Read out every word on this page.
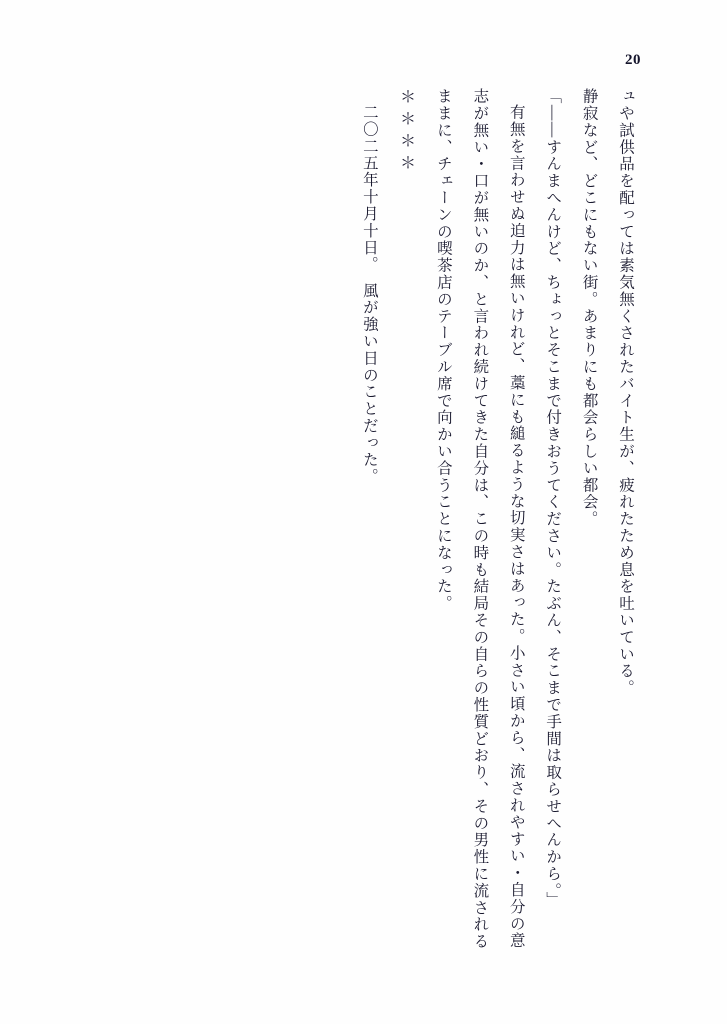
20

ュや試供品を配っては素気無くされたバイト生が、疲れたため息を吐いている。

静寂など、どこにもない街。あまりにも都会らしい都会。

「――すんまへんけど、ちょっとそこまで付きおうてください。たぶん、そこまで手間は取らせへんから。」

有無を言わせぬ迫力は無いけれど、藁にも縋るような切実さはあった。小さい頃から、流されやすい・自分の意志が無い・口が無いのか、と言われ続けてきた自分は、この時も結局その自らの性質どおり、その男性に流されるままに、チェーンの喫茶店のテーブル席で向かい合うことになった。

＊＊＊＊

二〇二五年十月十日。　風が強い日のことだった。
